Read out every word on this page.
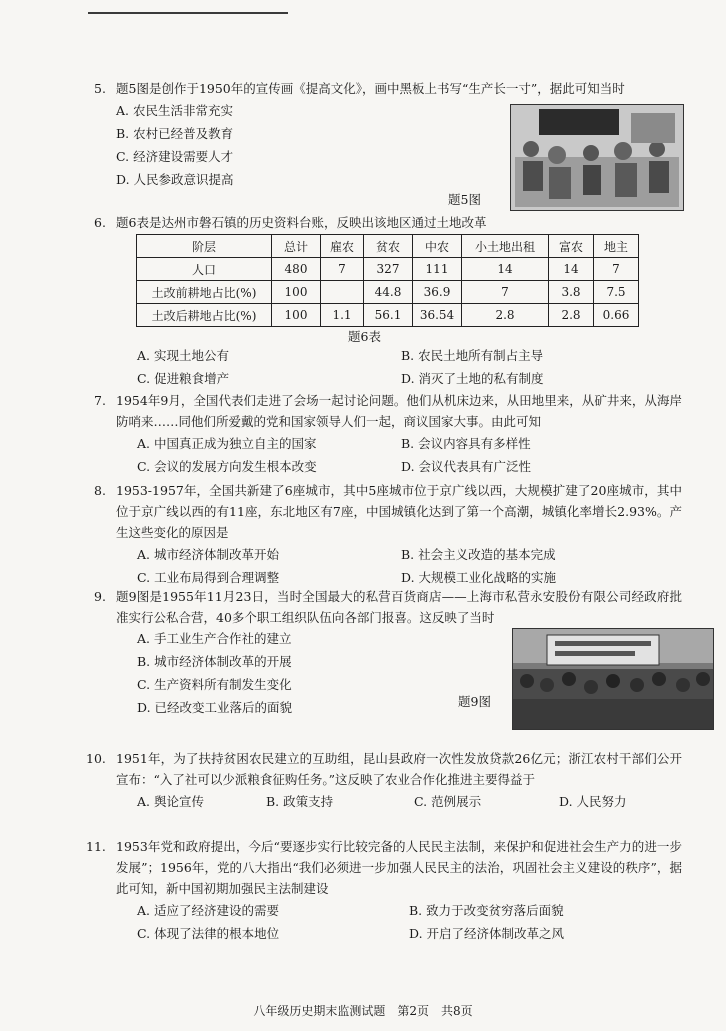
5. 题5图是创作于1950年的宣传画《提高文化》，画中黑板上书写“生产长一寸”，据此可知当时
A. 农民生活非常充实
B. 农村已经普及教育
C. 经济建设需要人才
D. 人民参政意识提高
题5图
6. 题6表是达州市磐石镇的历史资料台账，反映出该地区通过土地改革
阶层	总计	雇农	贫农	中农	小土地出租	富农	地主
人口	480	7	327	111	14	14	7
土改前耕地占比(%)	100		44.8	36.9	7	3.8	7.5
土改后耕地占比(%)	100	1.1	56.1	36.54	2.8	2.8	0.66
题6表
A. 实现土地公有	B. 农民土地所有制占主导
C. 促进粮食增产	D. 消灭了土地的私有制度
7. 1954年9月，全国代表们走进了会场一起讨论问题。他们从机床边来，从田地里来，从矿井来，从海岸防哨来……同他们所爱戴的党和国家领导人们一起，商议国家大事。由此可知
A. 中国真正成为独立自主的国家	B. 会议内容具有多样性
C. 会议的发展方向发生根本改变	D. 会议代表具有广泛性
8. 1953-1957年，全国共新建了6座城市，其中5座城市位于京广线以西，大规模扩建了20座城市，其中位于京广线以西的有11座，东北地区有7座，中国城镇化达到了第一个高潮，城镇化率增长2.93%。产生这些变化的原因是
A. 城市经济体制改革开始	B. 社会主义改造的基本完成
C. 工业布局得到合理调整	D. 大规模工业化战略的实施
9. 题9图是1955年11月23日，当时全国最大的私营百货商店——上海市私营永安股份有限公司经政府批准实行公私合营，40多个职工组织队伍向各部门报喜。这反映了当时
A. 手工业生产合作社的建立
B. 城市经济体制改革的开展
C. 生产资料所有制发生变化
D. 已经改变工业落后的面貌	题9图
10. 1951年，为了扶持贫困农民建立的互助组，昆山县政府一次性发放贷款26亿元；浙江农村干部们公开宣布：“入了社可以少派粮食征购任务。”这反映了农业合作化推进主要得益于
A. 舆论宣传	B. 政策支持	C. 范例展示	D. 人民努力
11. 1953年党和政府提出，今后“要逐步实行比较完备的人民民主法制，来保护和促进社会生产力的进一步发展”；1956年，党的八大指出“我们必须进一步加强人民民主的法治，巩固社会主义建设的秩序”，据此可知，新中国初期加强民主法制建设
A. 适应了经济建设的需要	B. 致力于改变贫穷落后面貌
C. 体现了法律的根本地位	D. 开启了经济体制改革之风
八年级历史期末监测试题　第2页　共8页
